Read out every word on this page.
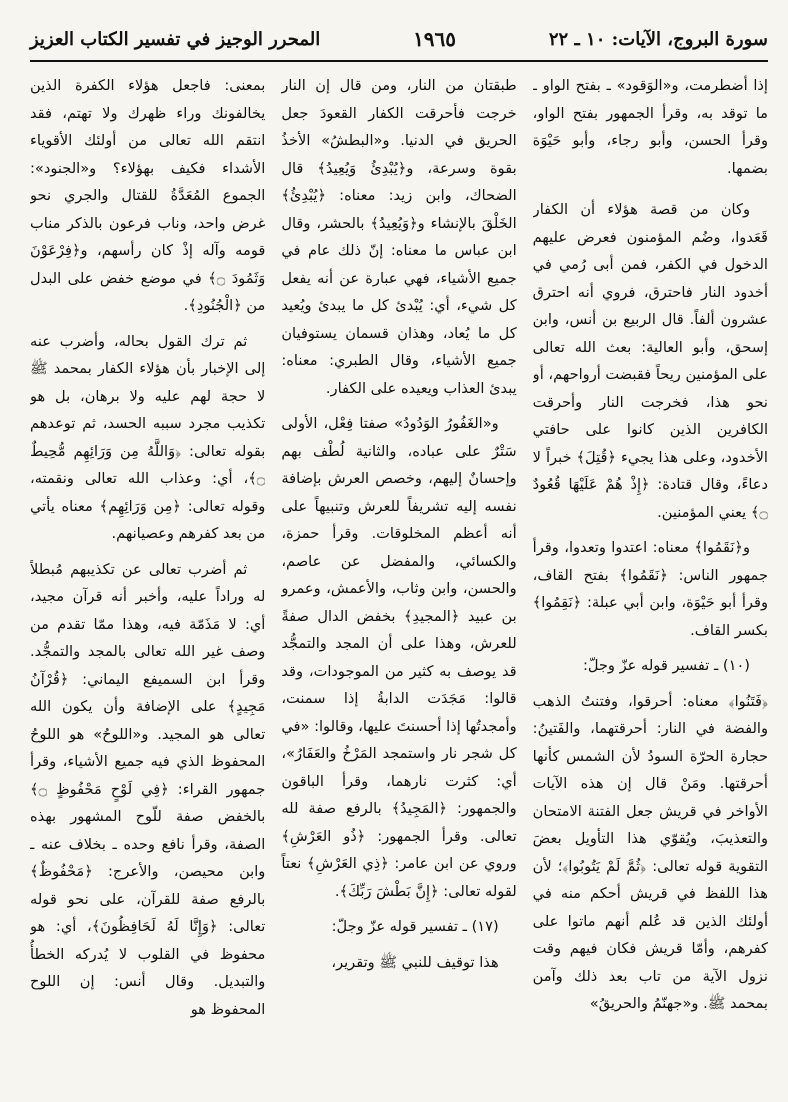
سورة البروج، الآيات: ١٠ ـ ٢٢
١٩٦٥
المحرر الوجيز في تفسير الكتاب العزيز

إذا أضطرمت، و«الوَقود» ـ بفتح الواو ـ ما توقد به، وقرأ الجمهور بفتح الواو، وقرأ الحسن، وأبو رجاء، وأبو حَيْوَة بضمها.

وكان من قصة هؤلاء أن الكفار قَعَدوا، وضُم المؤمنون فعرض عليهم الدخول في الكفر، فمن أبى رُمي في أخدود النار فاحترق، فروي أنه احترق عشرون ألفاً. قال الربيع بن أنس، وابن إسحق، وأبو العالية: بعث الله تعالى على المؤمنين ريحاً فقبضت أرواحهم، أو نحو هذا، فخرجت النار وأحرقت الكافرين الذين كانوا على حافتي الأخدود، وعلى هذا يجيء ﴿قُتِلَ﴾ خبراً لا دعاءً، وقال قتادة: ﴿إِذْ هُمْ عَلَيْهَا قُعُودٌ ۝﴾ يعني المؤمنين.

و﴿نَقَمُوا﴾ معناه: اعتدوا وتعدوا، وقرأ جمهور الناس: ﴿نَقَمُوا﴾ بفتح القاف، وقرأ أبو حَيْوَة، وابن أبي عبلة: ﴿نَقِمُوا﴾ بكسر القاف.

(١٠) ـ تفسير قوله عزّ وجلّ:

﴿فَتَنُوا﴾ معناه: أحرقوا، وفتنتُ الذهب والفضة في النار: أحرقتهما، والفَتينُ: حجارة الحرّة السودُ لأن الشمس كأنها أحرقتها. ومَنْ قال إن هذه الآيات الأواخر في قريش جعل الفتنة الامتحان والتعذيبَ، ويُقوّي هذا التأويل بعضَ التقوية قوله تعالى: ﴿ثُمَّ لَمْ يَتُوبُوا﴾؛ لأن هذا اللفظ في قريش أحكم منه في أولئك الذين قد عُلم أنهم ماتوا على كفرهم، وأمّا قريش فكان فيهم وقت نزول الآية من تاب بعد ذلك وآمن بمحمد ﷺ. و«جهنّمُ والحريقُ»

طبقتان من النار، ومن قال إن النار خرجت فأحرقت الكفار القعودَ جعل الحريق في الدنيا. و«البطشُ» الأخذُ بقوة وسرعة، و﴿يُبْدِئُ وَيُعِيدُ﴾ قال الضحاك، وابن زيد: معناه: ﴿يُبْدِئُ﴾ الخَلْقَ بالإنشاء و﴿وَيُعِيدُ﴾ بالحشر، وقال ابن عباس ما معناه: إنّ ذلك عام في جميع الأشياء، فهي عبارة عن أنه يفعل كل شيء، أي: يُبْدئ كل ما يبدئ ويُعيد كل ما يُعاد، وهذان قسمان يستوفيان جميع الأشياء، وقال الطبري: معناه: يبدئ العذاب ويعيده على الكفار.

و«الغَفُورُ الوَدُودُ» صفتا فِعْل، الأولى سَتْرٌ على عباده، والثانية لُطْف بهم وإحسانٌ إليهم، وخصص العرش بإضافة نفسه إليه تشريفاً للعرش وتنبيهاً على أنه أعظم المخلوقات. وقرأ حمزة، والكسائي، والمفضل عن عاصم، والحسن، وابن وثاب، والأعمش، وعمرو بن عبيد ﴿المجيدِ﴾ بخفض الدال صفةً للعرش، وهذا على أن المجد والتمجُّد قد يوصف به كثير من الموجودات، وقد قالوا: مَجَدَت الدابةُ إذا سمنت، وأمجدتُها إذا أحسنتَ عليها، وقالوا: «في كل شجر نار واستمجد المَرْخُ والعَفَارُ»، أي: كثرت نارهما، وقرأ الباقون والجمهور: ﴿المَجِيدُ﴾ بالرفع صفة لله تعالى. وقرأ الجمهور: ﴿ذُو العَرْشِ﴾ وروي عن ابن عامر: ﴿ذِي العَرْشِ﴾ نعتاً لقوله تعالى: ﴿إِنَّ بَطْشَ رَبِّكَ﴾.

(١٧) ـ تفسير قوله عزّ وجلّ:

هذا توقيف للنبي ﷺ وتقرير،

بمعنى: فاجعل هؤلاء الكفرة الذين يخالفونك وراء ظهرك ولا تهتم، فقد انتقم الله تعالى من أولئك الأقوياء الأشداء فكيف بهؤلاء؟ و«الجنود»: الجموع المُعَدَّةُ للقتال والجري نحو غرض واحد، وناب فرعون بالذكر مناب قومه وآله إذْ كان رأسهم، و﴿فِرْعَوْنَ وَثَمُودَ ۝﴾ في موضع خفض على البدل من ﴿الْجُنُودِ﴾.

ثم ترك القول بحاله، وأضرب عنه إلى الإخبار بأن هؤلاء الكفار بمحمد ﷺ لا حجة لهم عليه ولا برهان، بل هو تكذيب مجرد سببه الحسد، ثم توعدهم بقوله تعالى: ﴿وَاللَّهُ مِن وَرَائِهِم مُّحِيطٌ ۝﴾، أي: وعذاب الله تعالى ونقمته، وقوله تعالى: ﴿مِن وَرَائِهِم﴾ معناه يأتي من بعد كفرهم وعصيانهم.

ثم أضرب تعالى عن تكذيبهم مُبطلاً له وراداً عليه، وأخبر أنه قرآن مجيد، أي: لا مَذَمّة فيه، وهذا ممّا تقدم من وصف غير الله تعالى بالمجد والتمجُّد. وقرأ ابن السميفع اليماني: ﴿قُرْآنُ مَجِيدٍ﴾ على الإضافة وأن يكون الله تعالى هو المجيد. و«اللوحُ» هو اللوحُ المحفوظ الذي فيه جميع الأشياء، وقرأ جمهور القراء: ﴿فِي لَوْحٍ مَحْفُوظٍ ۝﴾ بالخفض صفة للّوح المشهور بهذه الصفة، وقرأ نافع وحده ـ بخلاف عنه ـ وابن محيصن، والأعرج: ﴿مَحْفُوظٌ﴾ بالرفع صفة للقرآن، على نحو قوله تعالى: ﴿وَإِنَّا لَهُ لَحَافِظُونَ﴾، أي: هو محفوظ في القلوب لا يُدركه الخطأُ والتبديل. وقال أنس: إن اللوح المحفوظ هو
